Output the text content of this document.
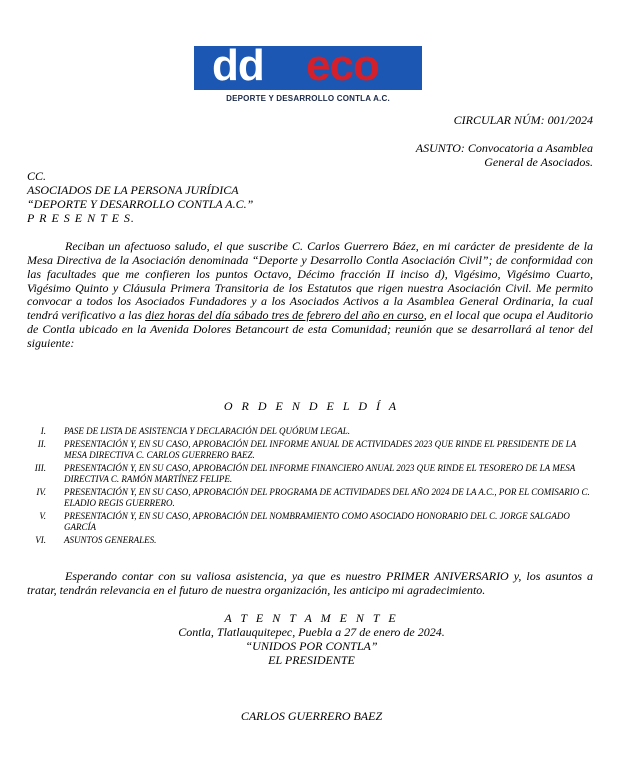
dd eco
DEPORTE Y DESARROLLO CONTLA A.C.
CIRCULAR NÚM: 001/2024
ASUNTO: Convocatoria a Asamblea
General de Asociados.
CC.
ASOCIADOS DE LA PERSONA JURÍDICA
“DEPORTE Y DESARROLLO CONTLA A.C.”
P R E S E N T E S.
Reciban un afectuoso saludo, el que suscribe C. Carlos Guerrero Báez, en mi carácter de presidente de la Mesa Directiva de la Asociación denominada “Deporte y Desarrollo Contla Asociación Civil”; de conformidad con las facultades que me confieren los puntos Octavo, Décimo fracción II inciso d), Vigésimo, Vigésimo Cuarto, Vigésimo Quinto y Cláusula Primera Transitoria de los Estatutos que rigen nuestra Asociación Civil. Me permito convocar a todos los Asociados Fundadores y a los Asociados Activos a la Asamblea General Ordinaria, la cual tendrá verificativo a las diez horas del día sábado tres de febrero del año en curso, en el local que ocupa el Auditorio de Contla ubicado en la Avenida Dolores Betancourt de esta Comunidad; reunión que se desarrollará al tenor del siguiente:
O R D E N D E L D Í A
I. PASE DE LISTA DE ASISTENCIA Y DECLARACIÓN DEL QUÓRUM LEGAL.
II. PRESENTACIÓN Y, EN SU CASO, APROBACIÓN DEL INFORME ANUAL DE ACTIVIDADES 2023 QUE RINDE EL PRESIDENTE DE LA MESA DIRECTIVA C. CARLOS GUERRERO BAEZ.
III. PRESENTACIÓN Y, EN SU CASO, APROBACIÓN DEL INFORME FINANCIERO ANUAL 2023 QUE RINDE EL TESORERO DE LA MESA DIRECTIVA C. RAMÓN MARTÍNEZ FELIPE.
IV. PRESENTACIÓN Y, EN SU CASO, APROBACIÓN DEL PROGRAMA DE ACTIVIDADES DEL AÑO 2024 DE LA A.C., POR EL COMISARIO C. ELADIO REGIS GUERRERO.
V. PRESENTACIÓN Y, EN SU CASO, APROBACIÓN DEL NOMBRAMIENTO COMO ASOCIADO HONORARIO DEL C. JORGE SALGADO GARCÍA
VI. ASUNTOS GENERALES.
Esperando contar con su valiosa asistencia, ya que es nuestro PRIMER ANIVERSARIO y, los asuntos a tratar, tendrán relevancia en el futuro de nuestra organización, les anticipo mi agradecimiento.
A T E N T A M E N T E
Contla, Tlatlauquitepec, Puebla a 27 de enero de 2024.
“UNIDOS POR CONTLA”
EL PRESIDENTE
CARLOS GUERRERO BAEZ
